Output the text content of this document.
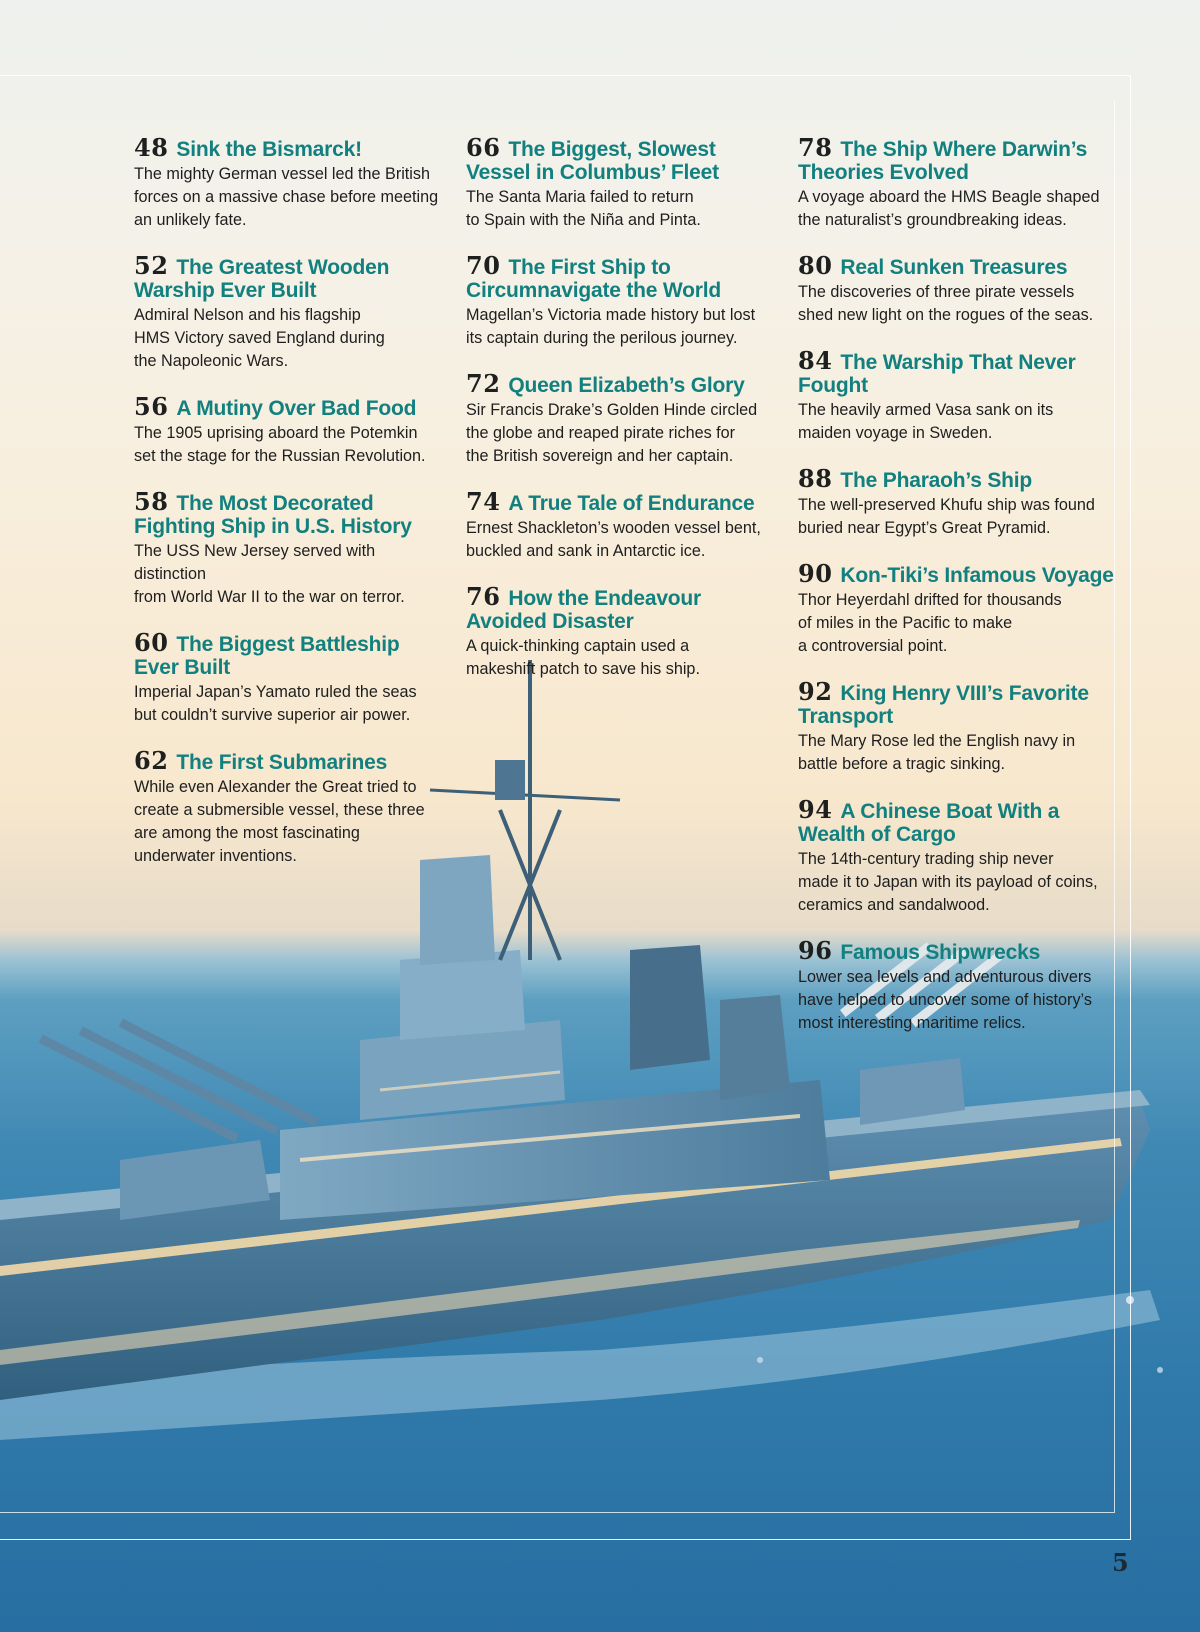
48 Sink the Bismarck!

The mighty German vessel led the British
forces on a massive chase before meeting
an unlikely fate.

52 The Greatest Wooden Warship Ever Built

Admiral Nelson and his flagship
HMS Victory saved England during
the Napoleonic Wars.

56 A Mutiny Over Bad Food

The 1905 uprising aboard the Potemkin
set the stage for the Russian Revolution.

58 The Most Decorated Fighting Ship in U.S. History

The USS New Jersey served with distinction
from World War II to the war on terror.

60 The Biggest Battleship Ever Built

Imperial Japan’s Yamato ruled the seas
but couldn’t survive superior air power.

62 The First Submarines

While even Alexander the Great tried to
create a submersible vessel, these three
are among the most fascinating
underwater inventions.

66 The Biggest, Slowest Vessel in Columbus’ Fleet

The Santa Maria failed to return
to Spain with the Niña and Pinta.

70 The First Ship to Circumnavigate the World

Magellan’s Victoria made history but lost
its captain during the perilous journey.

72 Queen Elizabeth’s Glory

Sir Francis Drake’s Golden Hinde circled
the globe and reaped pirate riches for
the British sovereign and her captain.

74 A True Tale of Endurance

Ernest Shackleton’s wooden vessel bent,
buckled and sank in Antarctic ice.

76 How the Endeavour Avoided Disaster

A quick-thinking captain used a
makeshift patch to save his ship.

78 The Ship Where Darwin’s Theories Evolved

A voyage aboard the HMS Beagle shaped
the naturalist’s groundbreaking ideas.

80 Real Sunken Treasures

The discoveries of three pirate vessels
shed new light on the rogues of the seas.

84 The Warship That Never Fought

The heavily armed Vasa sank on its
maiden voyage in Sweden.

88 The Pharaoh’s Ship

The well-preserved Khufu ship was found
buried near Egypt’s Great Pyramid.

90 Kon-Tiki’s Infamous Voyage

Thor Heyerdahl drifted for thousands
of miles in the Pacific to make
a controversial point.

92 King Henry VIII’s Favorite Transport

The Mary Rose led the English navy in
battle before a tragic sinking.

94 A Chinese Boat With a Wealth of Cargo

The 14th-century trading ship never
made it to Japan with its payload of coins,
ceramics and sandalwood.

96 Famous Shipwrecks

Lower sea levels and adventurous divers
have helped to uncover some of history’s
most interesting maritime relics.

5
